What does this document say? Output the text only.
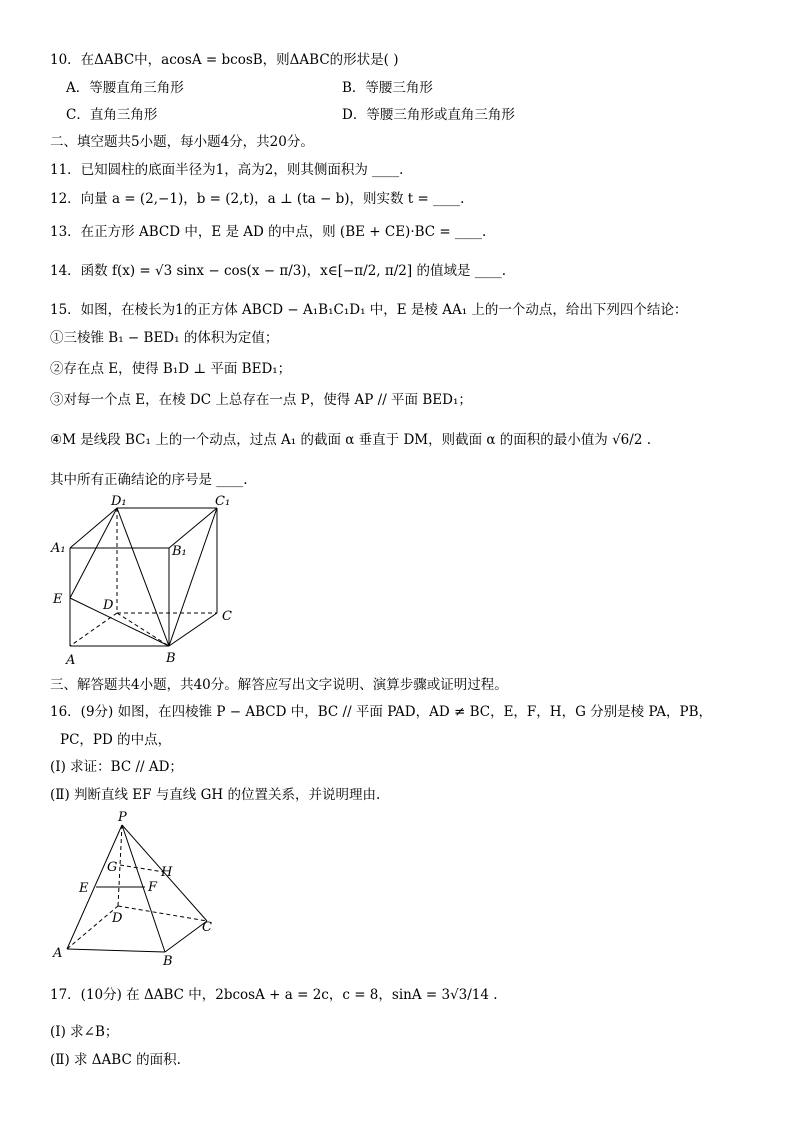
10．在ΔABC中，acosA = bcosB，则ΔABC的形状是( )
A．等腰直角三角形	B．等腰三角形
C．直角三角形	D．等腰三角形或直角三角形
二、填空题共5小题，每小题4分，共20分。
11．已知圆柱的底面半径为1，高为2，则其侧面积为 ____.
12．向量 a = (2,−1)，b = (2,t)，a ⊥ (ta − b)，则实数 t = ____.
13．在正方形 ABCD 中，E 是 AD 的中点，则 (BE + CE)·BC = ____.
14．函数 f(x) = √3 sinx − cos(x − π/3)，x∈[−π/2, π/2] 的值域是 ____.
15．如图，在棱长为1的正方体 ABCD − A₁B₁C₁D₁ 中，E 是棱 AA₁ 上的一个动点，给出下列四个结论：
①三棱锥 B₁ − BED₁ 的体积为定值；
②存在点 E，使得 B₁D ⊥ 平面 BED₁；
③对每一个点 E，在棱 DC 上总存在一点 P，使得 AP // 平面 BED₁；
④M 是线段 BC₁ 上的一个动点，过点 A₁ 的截面 α 垂直于 DM，则截面 α 的面积的最小值为 √6/2 .
其中所有正确结论的序号是 ____.
D₁	C₁
A₁	B₁
E	D
C
A	B
三、解答题共4小题，共40分。解答应写出文字说明、演算步骤或证明过程。
16．(9分) 如图，在四棱锥 P − ABCD 中，BC // 平面 PAD，AD ≠ BC，E，F，H，G 分别是棱 PA，PB，
PC，PD 的中点，
(Ⅰ) 求证：BC // AD；
(Ⅱ) 判断直线 EF 与直线 GH 的位置关系，并说明理由.
P
G	H
E	F
D
C
A
B
17．(10分) 在 ΔABC 中，2bcosA + a = 2c，c = 8，sinA = 3√3/14 .
(Ⅰ) 求∠B；
(Ⅱ) 求 ΔABC 的面积.
